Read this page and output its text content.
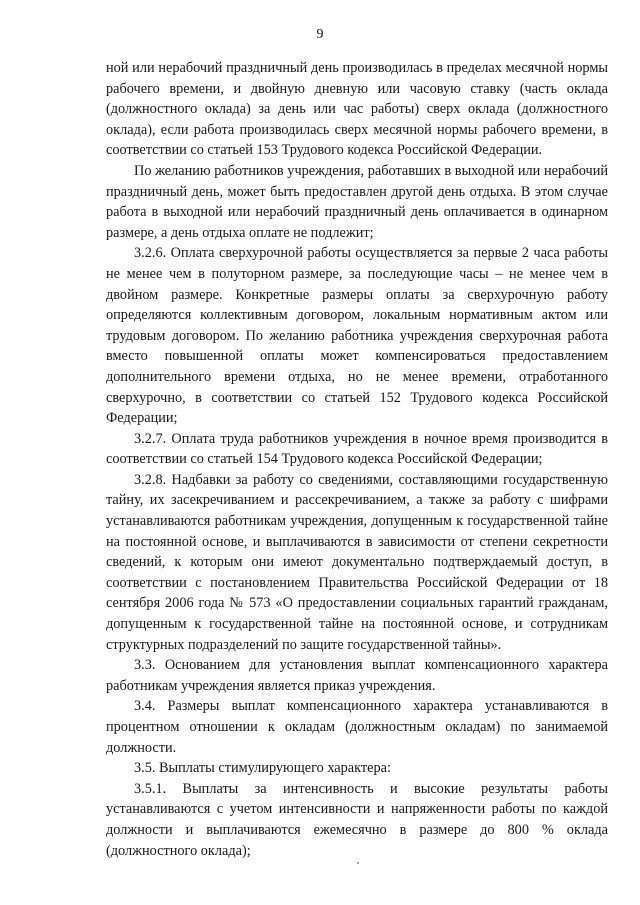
9

ной или нерабочий праздничный день производилась в пределах месячной нормы рабочего времени, и двойную дневную или часовую ставку (часть оклада (должностного оклада) за день или час работы) сверх оклада (должностного оклада), если работа производилась сверх месячной нормы рабочего времени, в соответствии со статьей 153 Трудового кодекса Российской Федерации.

По желанию работников учреждения, работавших в выходной или нерабочий праздничный день, может быть предоставлен другой день отдыха. В этом случае работа в выходной или нерабочий праздничный день оплачивается в одинарном размере, а день отдыха оплате не подлежит;

3.2.6. Оплата сверхурочной работы осуществляется за первые 2 часа работы не менее чем в полуторном размере, за последующие часы – не менее чем в двойном размере. Конкретные размеры оплаты за сверхурочную работу определяются коллективным договором, локальным нормативным актом или трудовым договором. По желанию работника учреждения сверхурочная работа вместо повышенной оплаты может компенсироваться предоставлением дополнительного времени отдыха, но не менее времени, отработанного сверхурочно, в соответствии со статьей 152 Трудового кодекса Российской Федерации;

3.2.7. Оплата труда работников учреждения в ночное время производится в соответствии со статьей 154 Трудового кодекса Российской Федерации;

3.2.8. Надбавки за работу со сведениями, составляющими государственную тайну, их засекречиванием и рассекречиванием, а также за работу с шифрами устанавливаются работникам учреждения, допущенным к государственной тайне на постоянной основе, и выплачиваются в зависимости от степени секретности сведений, к которым они имеют документально подтверждаемый доступ, в соответствии с постановлением Правительства Российской Федерации от 18 сентября 2006 года № 573 «О предоставлении социальных гарантий гражданам, допущенным к государственной тайне на постоянной основе, и сотрудникам структурных подразделений по защите государственной тайны».

3.3. Основанием для установления выплат компенсационного характера работникам учреждения является приказ учреждения.

3.4. Размеры выплат компенсационного характера устанавливаются в процентном отношении к окладам (должностным окладам) по занимаемой должности.

3.5. Выплаты стимулирующего характера:

3.5.1. Выплаты за интенсивность и высокие результаты работы устанавливаются с учетом интенсивности и напряженности работы по каждой должности и выплачиваются ежемесячно в размере до 800 % оклада (должностного оклада);
